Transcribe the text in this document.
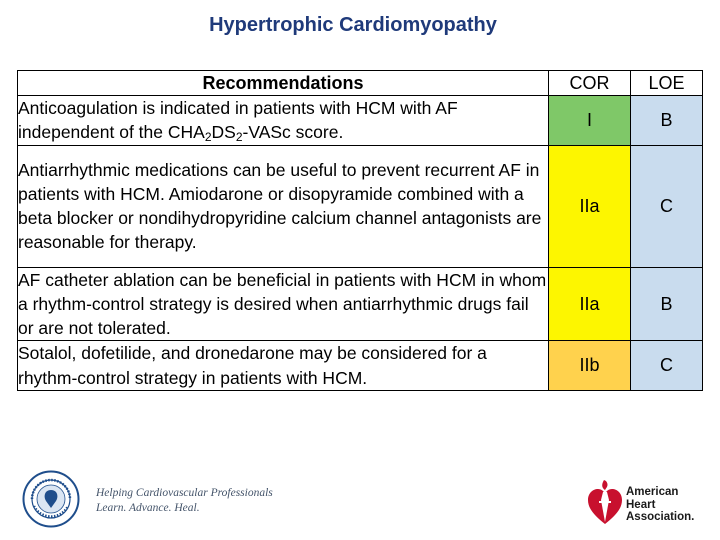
Hypertrophic Cardiomyopathy
Recommendations	COR	LOE
Anticoagulation is indicated in patients with HCM with AF independent of the $CHA_2DS_2$-VASc score.	I	B
Antiarrhythmic medications can be useful to prevent recurrent AF in patients with HCM. Amiodarone or disopyramide combined with a beta blocker or nondihydropyridine calcium channel antagonists are reasonable for therapy.	IIa	C
AF catheter ablation can be beneficial in patients with HCM in whom a rhythm-control strategy is desired when antiarrhythmic drugs fail or are not tolerated.	IIa	B
Sotalol, dofetilide, and dronedarone may be considered for a rhythm-control strategy in patients with HCM.	IIb	C
Helping Cardiovascular Professionals
Learn. Advance. Heal.
American
Heart
Association.
